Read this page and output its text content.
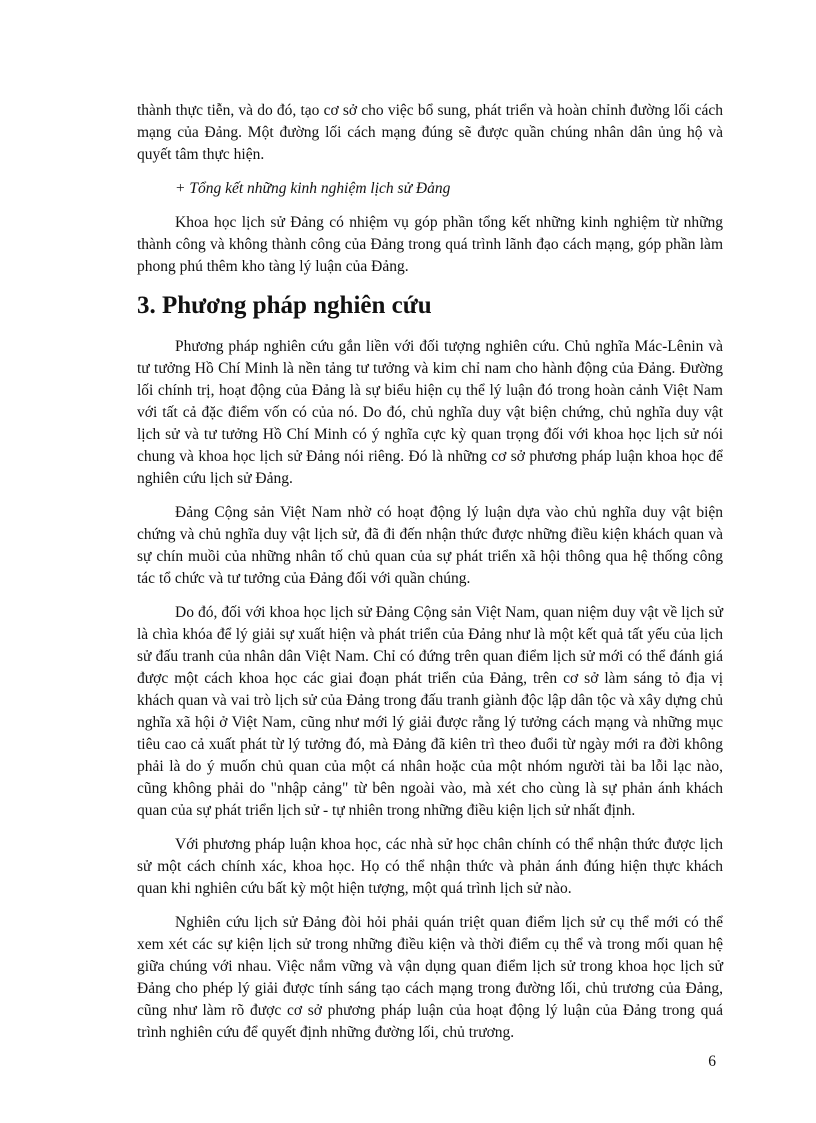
thành thực tiễn, và do đó, tạo cơ sở cho việc bổ sung, phát triển và hoàn chỉnh đường lối cách mạng của Đảng. Một đường lối cách mạng đúng sẽ được quần chúng nhân dân ủng hộ và quyết tâm thực hiện.

+ Tổng kết những kinh nghiệm lịch sử Đảng

Khoa học lịch sử Đảng có nhiệm vụ góp phần tổng kết những kinh nghiệm từ những thành công và không thành công của Đảng trong quá trình lãnh đạo cách mạng, góp phần làm phong phú thêm kho tàng lý luận của Đảng.

3. Phương pháp nghiên cứu

Phương pháp nghiên cứu gắn liền với đối tượng nghiên cứu. Chủ nghĩa Mác-Lênin và tư tưởng Hồ Chí Minh là nền tảng tư tưởng và kim chỉ nam cho hành động của Đảng. Đường lối chính trị, hoạt động của Đảng là sự biểu hiện cụ thể lý luận đó trong hoàn cảnh Việt Nam với tất cả đặc điểm vốn có của nó. Do đó, chủ nghĩa duy vật biện chứng, chủ nghĩa duy vật lịch sử và tư tưởng Hồ Chí Minh có ý nghĩa cực kỳ quan trọng đối với khoa học lịch sử nói chung và khoa học lịch sử Đảng nói riêng. Đó là những cơ sở phương pháp luận khoa học để nghiên cứu lịch sử Đảng.

Đảng Cộng sản Việt Nam nhờ có hoạt động lý luận dựa vào chủ nghĩa duy vật biện chứng và chủ nghĩa duy vật lịch sử, đã đi đến nhận thức được những điều kiện khách quan và sự chín muồi của những nhân tố chủ quan của sự phát triển xã hội thông qua hệ thống công tác tổ chức và tư tưởng của Đảng đối với quần chúng.

Do đó, đối với khoa học lịch sử Đảng Cộng sản Việt Nam, quan niệm duy vật về lịch sử là chìa khóa để lý giải sự xuất hiện và phát triển của Đảng như là một kết quả tất yếu của lịch sử đấu tranh của nhân dân Việt Nam. Chỉ có đứng trên quan điểm lịch sử mới có thể đánh giá được một cách khoa học các giai đoạn phát triển của Đảng, trên cơ sở làm sáng tỏ địa vị khách quan và vai trò lịch sử của Đảng trong đấu tranh giành độc lập dân tộc và xây dựng chủ nghĩa xã hội ở Việt Nam, cũng như mới lý giải được rằng lý tưởng cách mạng và những mục tiêu cao cả xuất phát từ lý tưởng đó, mà Đảng đã kiên trì theo đuổi từ ngày mới ra đời không phải là do ý muốn chủ quan của một cá nhân hoặc của một nhóm người tài ba lỗi lạc nào, cũng không phải do "nhập cảng" từ bên ngoài vào, mà xét cho cùng là sự phản ánh khách quan của sự phát triển lịch sử - tự nhiên trong những điều kiện lịch sử nhất định.

Với phương pháp luận khoa học, các nhà sử học chân chính có thể nhận thức được lịch sử một cách chính xác, khoa học. Họ có thể nhận thức và phản ánh đúng hiện thực khách quan khi nghiên cứu bất kỳ một hiện tượng, một quá trình lịch sử nào.

Nghiên cứu lịch sử Đảng đòi hỏi phải quán triệt quan điểm lịch sử cụ thể mới có thể xem xét các sự kiện lịch sử trong những điều kiện và thời điểm cụ thể và trong mối quan hệ giữa chúng với nhau. Việc nắm vững và vận dụng quan điểm lịch sử trong khoa học lịch sử Đảng cho phép lý giải được tính sáng tạo cách mạng trong đường lối, chủ trương của Đảng, cũng như làm rõ được cơ sở phương pháp luận của hoạt động lý luận của Đảng trong quá trình nghiên cứu để quyết định những đường lối, chủ trương.

6
